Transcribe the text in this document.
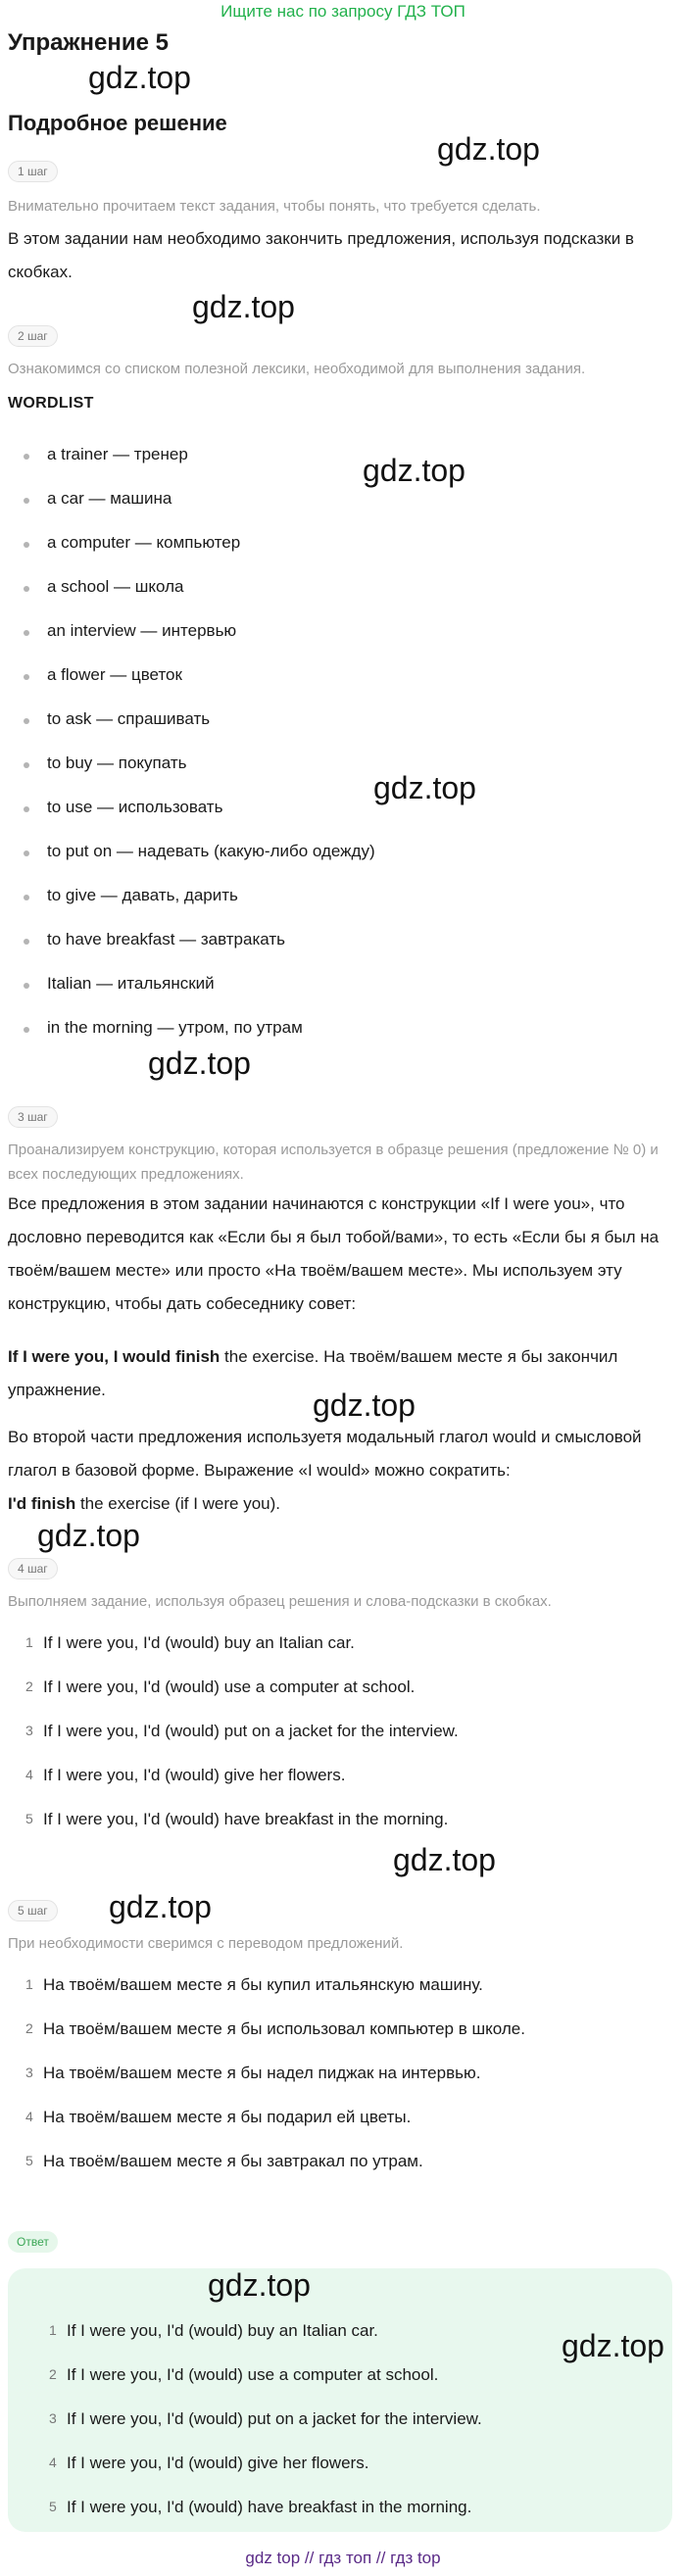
Ищите нас по запросу ГДЗ ТОП
Упражнение 5
Подробное решение
1 шаг
Внимательно прочитаем текст задания, чтобы понять, что требуется сделать.
В этом задании нам необходимо закончить предложения, используя подсказки в скобках.
2 шаг
Ознакомимся со списком полезной лексики, необходимой для выполнения задания.
WORDLIST
a trainer — тренер
a car — машина
a computer — компьютер
a school — школа
an interview — интервью
a flower — цветок
to ask — спрашивать
to buy — покупать
to use — использовать
to put on — надевать (какую-либо одежду)
to give — давать, дарить
to have breakfast — завтракать
Italian — итальянский
in the morning — утром, по утрам
3 шаг
Проанализируем конструкцию, которая используется в образце решения (предложение № 0) и всех последующих предложениях.
Все предложения в этом задании начинаются с конструкции «If I were you», что дословно переводится как «Если бы я был тобой/вами», то есть «Если бы я был на твоём/вашем месте» или просто «На твоём/вашем месте». Мы используем эту конструкцию, чтобы дать собеседнику совет:
If I were you, I would finish the exercise. На твоём/вашем месте я бы закончил упражнение.
Во второй части предложения используетя модальный глагол would и смысловой глагол в базовой форме. Выражение «I would» можно сократить:
I'd finish the exercise (if I were you).
4 шаг
Выполняем задание, используя образец решения и слова-подсказки в скобках.
1 If I were you, I'd (would) buy an Italian car.
2 If I were you, I'd (would) use a computer at school.
3 If I were you, I'd (would) put on a jacket for the interview.
4 If I were you, I'd (would) give her flowers.
5 If I were you, I'd (would) have breakfast in the morning.
5 шаг
При необходимости сверимся с переводом предложений.
1 На твоём/вашем месте я бы купил итальянскую машину.
2 На твоём/вашем месте я бы использовал компьютер в школе.
3 На твоём/вашем месте я бы надел пиджак на интервью.
4 На твоём/вашем месте я бы подарил ей цветы.
5 На твоём/вашем месте я бы завтракал по утрам.
Ответ
1 If I were you, I'd (would) buy an Italian car.
2 If I were you, I'd (would) use a computer at school.
3 If I were you, I'd (would) put on a jacket for the interview.
4 If I were you, I'd (would) give her flowers.
5 If I were you, I'd (would) have breakfast in the morning.
gdz.top
gdz.top
gdz.top
gdz.top
gdz.top
gdz.top
gdz.top
gdz.top
gdz.top
gdz.top
gdz.top
gdz.top
gdz top // гдз топ // гдз top
